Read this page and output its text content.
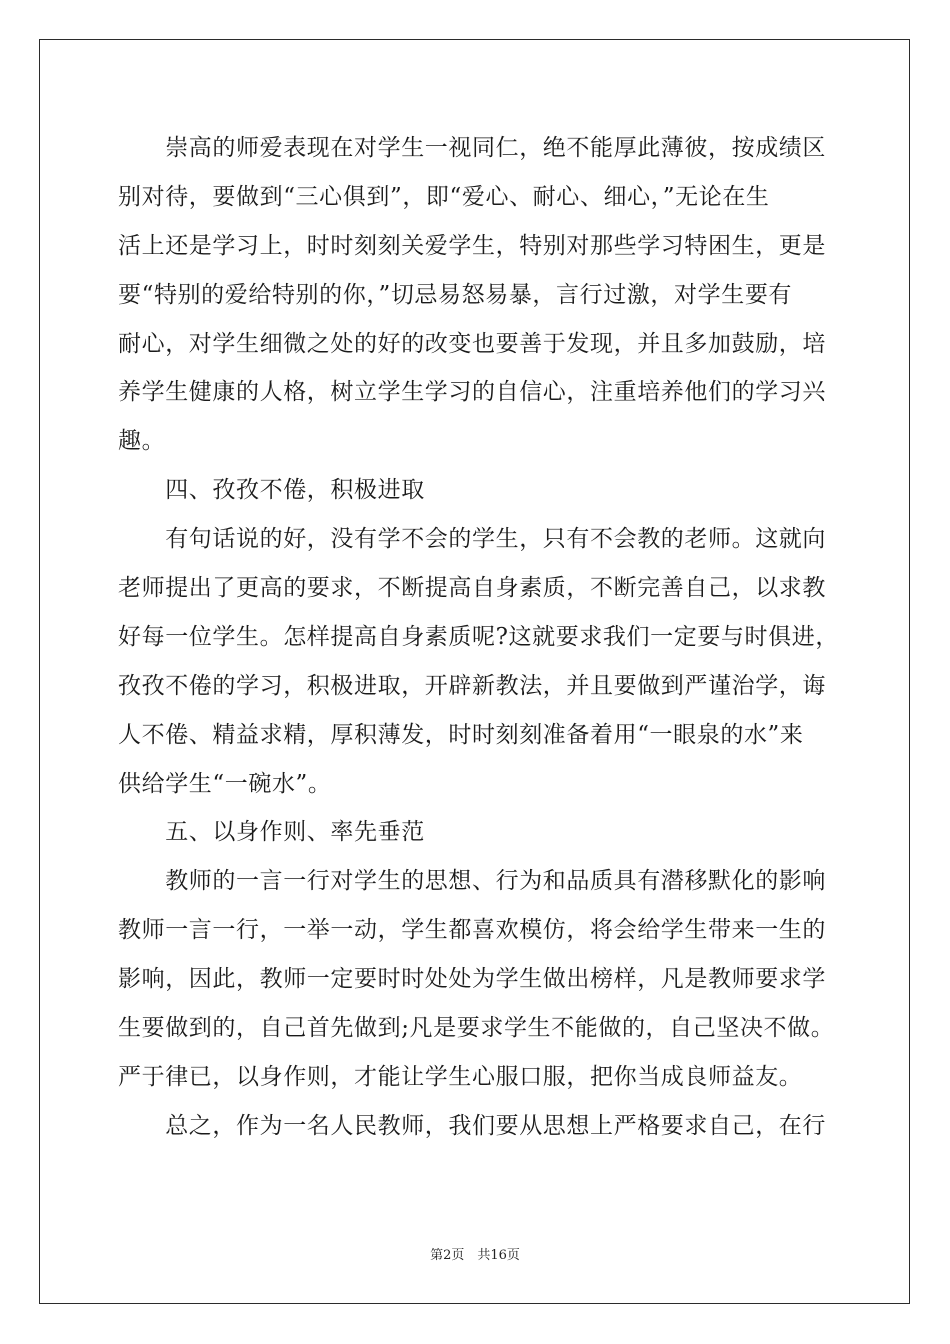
　　崇高的师爱表现在对学生一视同仁，绝不能厚此薄彼，按成绩区
别对待，要做到“三心俱到”，即“爱心、耐心、细心，”无论在生
活上还是学习上，时时刻刻关爱学生，特别对那些学习特困生，更是
要“特别的爱给特别的你，”切忌易怒易暴，言行过激，对学生要有
耐心，对学生细微之处的好的改变也要善于发现，并且多加鼓励，培
养学生健康的人格，树立学生学习的自信心，注重培养他们的学习兴
趣。
　　四、孜孜不倦，积极进取
　　有句话说的好，没有学不会的学生，只有不会教的老师。这就向
老师提出了更高的要求，不断提高自身素质，不断完善自己，以求教
好每一位学生。怎样提高自身素质呢?这就要求我们一定要与时俱进，
孜孜不倦的学习，积极进取，开辟新教法，并且要做到严谨治学，诲
人不倦、精益求精，厚积薄发，时时刻刻准备着用“一眼泉的水”来
供给学生“一碗水”。
　　五、以身作则、率先垂范
　　教师的一言一行对学生的思想、行为和品质具有潜移默化的影响
教师一言一行，一举一动，学生都喜欢模仿，将会给学生带来一生的
影响，因此，教师一定要时时处处为学生做出榜样，凡是教师要求学
生要做到的，自己首先做到;凡是要求学生不能做的，自己坚决不做。
严于律已，以身作则，才能让学生心服口服，把你当成良师益友。
　　总之，作为一名人民教师，我们要从思想上严格要求自己，在行
第2页　共16页
